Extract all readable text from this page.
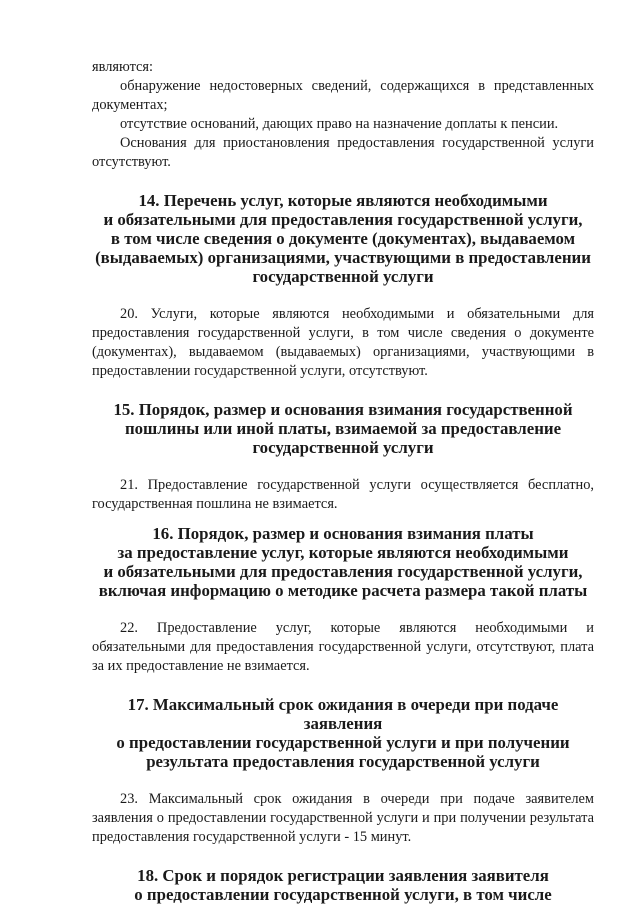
являются:

обнаружение недостоверных сведений, содержащихся в представленных документах;

отсутствие оснований, дающих право на назначение доплаты к пенсии.

Основания для приостановления предоставления государственной услуги отсутствуют.

14. Перечень услуг, которые являются необходимыми
и обязательными для предоставления государственной услуги,
в том числе сведения о документе (документах), выдаваемом
(выдаваемых) организациями, участвующими в предоставлении
государственной услуги

20. Услуги, которые являются необходимыми и обязательными для предоставления государственной услуги, в том числе сведения о документе (документах), выдаваемом (выдаваемых) организациями, участвующими в предоставлении государственной услуги, отсутствуют.

15. Порядок, размер и основания взимания государственной
пошлины или иной платы, взимаемой за предоставление
государственной услуги

21. Предоставление государственной услуги осуществляется бесплатно, государственная пошлина не взимается.

16. Порядок, размер и основания взимания платы
за предоставление услуг, которые являются необходимыми
и обязательными для предоставления государственной услуги,
включая информацию о методике расчета размера такой платы

22. Предоставление услуг, которые являются необходимыми и обязательными для предоставления государственной услуги, отсутствуют, плата за их предоставление не взимается.

17. Максимальный срок ожидания в очереди при подаче заявления
о предоставлении государственной услуги и при получении
результата предоставления государственной услуги

23. Максимальный срок ожидания в очереди при подаче заявителем заявления о предоставлении государственной услуги и при получении результата предоставления государственной услуги - 15 минут.

18. Срок и порядок регистрации заявления заявителя
о предоставлении государственной услуги, в том числе
